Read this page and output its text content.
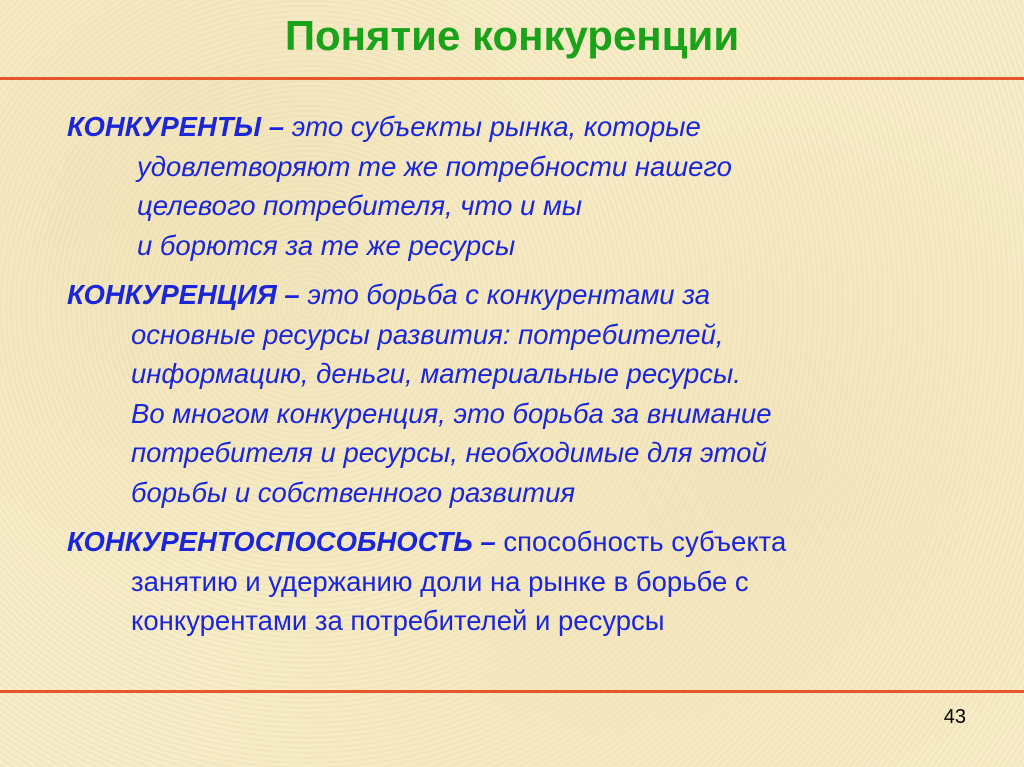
Понятие конкуренции
КОНКУРЕНТЫ – это субъекты рынка, которые
удовлетворяют те же потребности нашего
целевого потребителя, что и мы
и борются за те же ресурсы
КОНКУРЕНЦИЯ – это борьба с конкурентами за
основные ресурсы развития: потребителей,
информацию, деньги, материальные ресурсы.
Во многом конкуренция, это борьба за внимание
потребителя и ресурсы, необходимые для этой
борьбы и собственного развития
КОНКУРЕНТОСПОСОБНОСТЬ – способность субъекта
занятию и удержанию доли на рынке в борьбе с
конкурентами за потребителей и ресурсы
43
